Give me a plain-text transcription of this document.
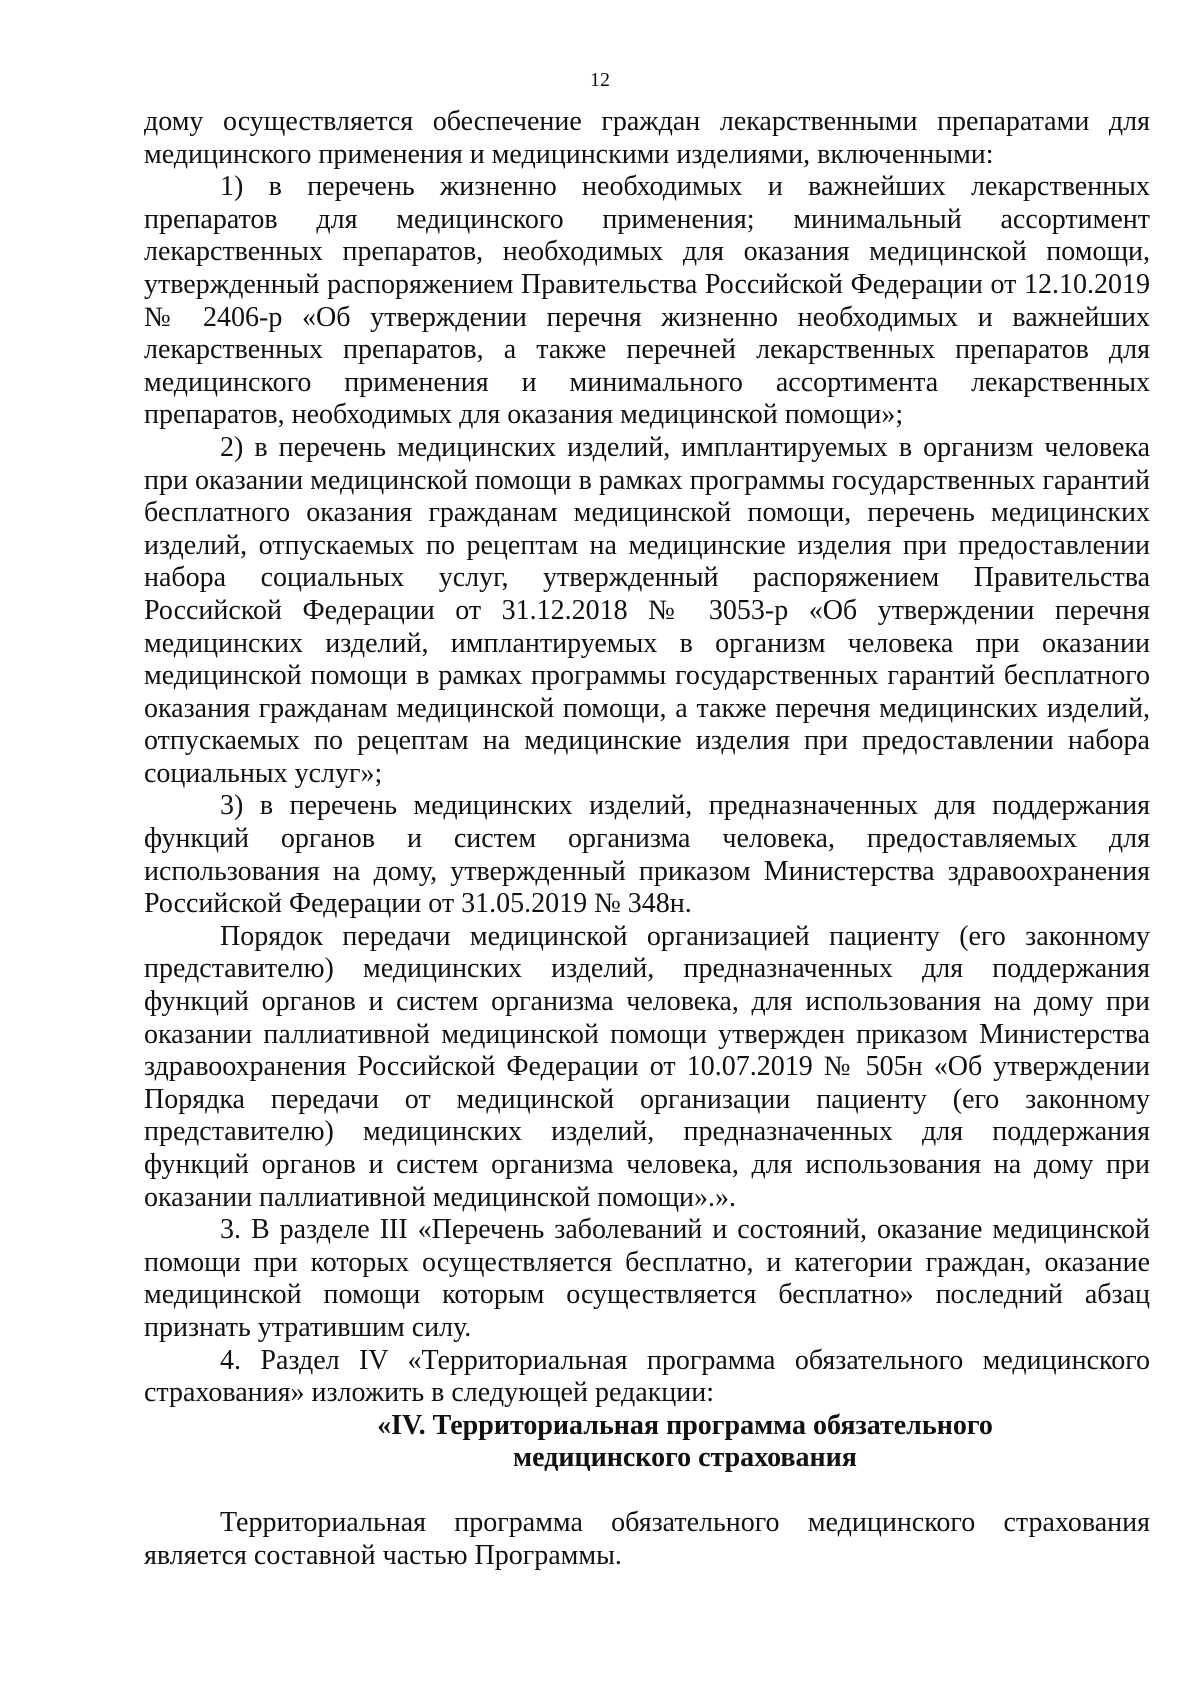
12

дому осуществляется обеспечение граждан лекарственными препаратами для медицинского применения и медицинскими изделиями, включенными:

1) в перечень жизненно необходимых и важнейших лекарственных препаратов для медицинского применения; минимальный ассортимент лекарственных препаратов, необходимых для оказания медицинской помощи, утвержденный распоряжением Правительства Российской Федерации от 12.10.2019 № 2406-р «Об утверждении перечня жизненно необходимых и важнейших лекарственных препаратов, а также перечней лекарственных препаратов для медицинского применения и минимального ассортимента лекарственных препаратов, необходимых для оказания медицинской помощи»;

2) в перечень медицинских изделий, имплантируемых в организм человека при оказании медицинской помощи в рамках программы государственных гарантий бесплатного оказания гражданам медицинской помощи, перечень медицинских изделий, отпускаемых по рецептам на медицинские изделия при предоставлении набора социальных услуг, утвержденный распоряжением Правительства Российской Федерации от 31.12.2018 № 3053-р «Об утверждении перечня медицинских изделий, имплантируемых в организм человека при оказании медицинской помощи в рамках программы государственных гарантий бесплатного оказания гражданам медицинской помощи, а также перечня медицинских изделий, отпускаемых по рецептам на медицинские изделия при предоставлении набора социальных услуг»;

3) в перечень медицинских изделий, предназначенных для поддержания функций органов и систем организма человека, предоставляемых для использования на дому, утвержденный приказом Министерства здравоохранения Российской Федерации от 31.05.2019 № 348н.

Порядок передачи медицинской организацией пациенту (его законному представителю) медицинских изделий, предназначенных для поддержания функций органов и систем организма человека, для использования на дому при оказании паллиативной медицинской помощи утвержден приказом Министерства здравоохранения Российской Федерации от 10.07.2019 № 505н «Об утверждении Порядка передачи от медицинской организации пациенту (его законному представителю) медицинских изделий, предназначенных для поддержания функций органов и систем организма человека, для использования на дому при оказании паллиативной медицинской помощи».».

3. В разделе III «Перечень заболеваний и состояний, оказание медицинской помощи при которых осуществляется бесплатно, и категории граждан, оказание медицинской помощи которым осуществляется бесплатно» последний абзац признать утратившим силу.

4. Раздел IV «Территориальная программа обязательного медицинского страхования» изложить в следующей редакции:

«IV. Территориальная программа обязательного

медицинского страхования

Территориальная программа обязательного медицинского страхования является составной частью Программы.
